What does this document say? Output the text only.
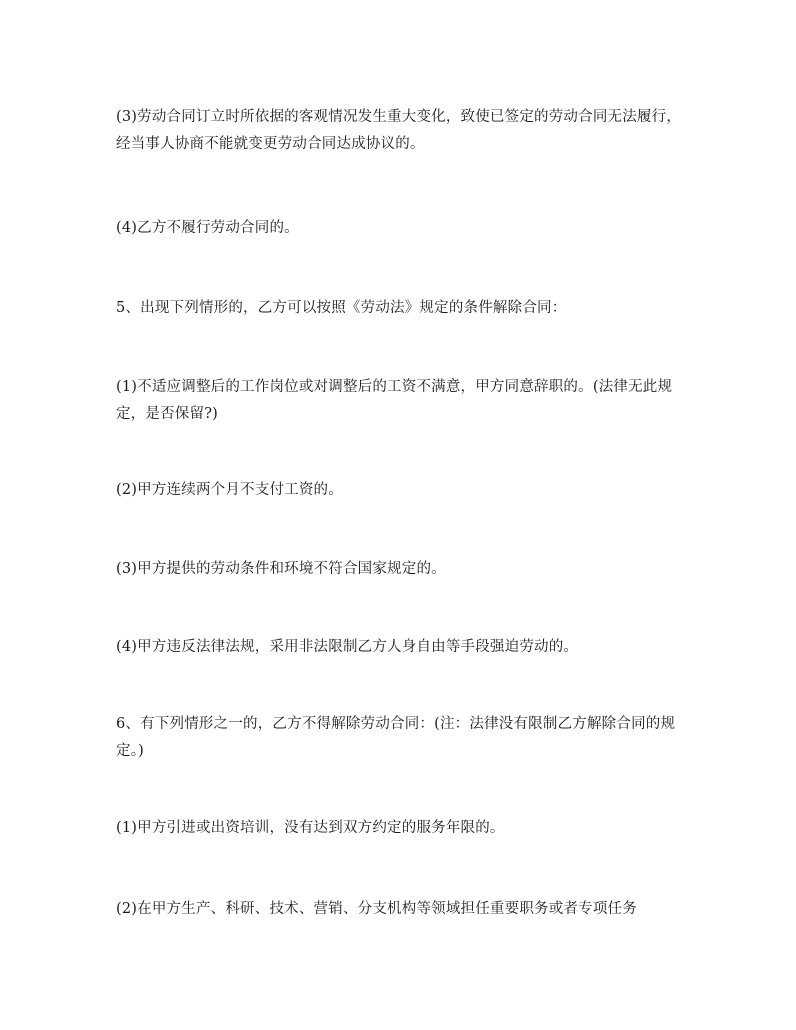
(3)劳动合同订立时所依据的客观情况发生重大变化，致使已签定的劳动合同无法履行，经当事人协商不能就变更劳动合同达成协议的。

(4)乙方不履行劳动合同的。

5、出现下列情形的，乙方可以按照《劳动法》规定的条件解除合同：

(1)不适应调整后的工作岗位或对调整后的工资不满意，甲方同意辞职的。(法律无此规定，是否保留?)

(2)甲方连续两个月不支付工资的。

(3)甲方提供的劳动条件和环境不符合国家规定的。

(4)甲方违反法律法规，采用非法限制乙方人身自由等手段强迫劳动的。

6、有下列情形之一的，乙方不得解除劳动合同：(注：法律没有限制乙方解除合同的规定。)

(1)甲方引进或出资培训，没有达到双方约定的服务年限的。

(2)在甲方生产、科研、技术、营销、分支机构等领域担任重要职务或者专项任务
